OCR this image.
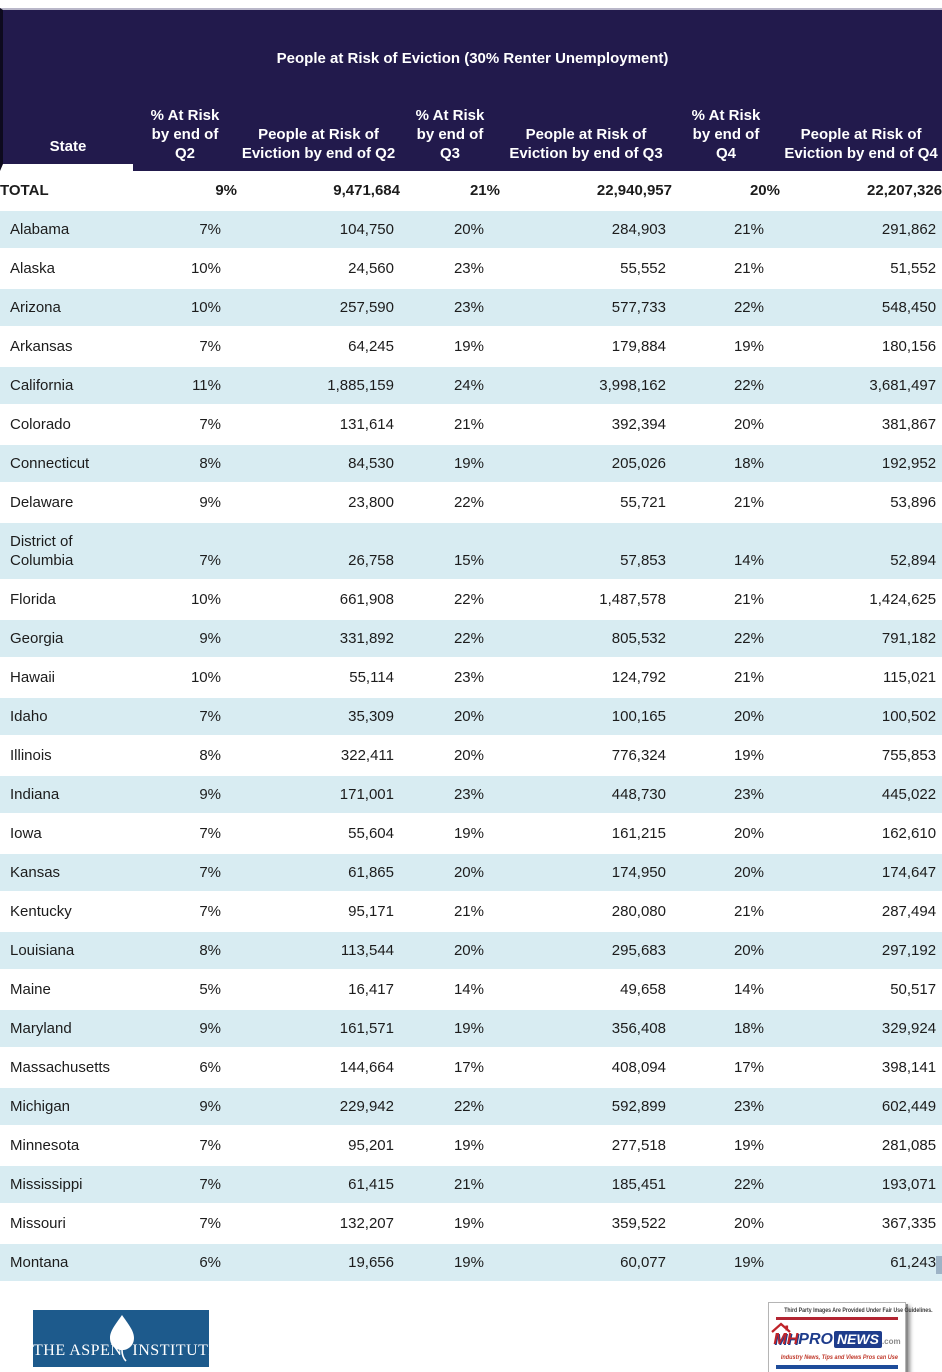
People at Risk of Eviction (30% Renter Unemployment)						
State	% At Risk by end of Q2	People at Risk of Eviction by end of Q2	% At Risk by end of Q3	People at Risk of Eviction by end of Q3	% At Risk by end of Q4	People at Risk of Eviction by end of Q4
TOTAL	9%	9,471,684	21%	22,940,957	20%	22,207,326
Alabama	7%	104,750	20%	284,903	21%	291,862
Alaska	10%	24,560	23%	55,552	21%	51,552
Arizona	10%	257,590	23%	577,733	22%	548,450
Arkansas	7%	64,245	19%	179,884	19%	180,156
California	11%	1,885,159	24%	3,998,162	22%	3,681,497
Colorado	7%	131,614	21%	392,394	20%	381,867
Connecticut	8%	84,530	19%	205,026	18%	192,952
Delaware	9%	23,800	22%	55,721	21%	53,896
District of Columbia	7%	26,758	15%	57,853	14%	52,894
Florida	10%	661,908	22%	1,487,578	21%	1,424,625
Georgia	9%	331,892	22%	805,532	22%	791,182
Hawaii	10%	55,114	23%	124,792	21%	115,021
Idaho	7%	35,309	20%	100,165	20%	100,502
Illinois	8%	322,411	20%	776,324	19%	755,853
Indiana	9%	171,001	23%	448,730	23%	445,022
Iowa	7%	55,604	19%	161,215	20%	162,610
Kansas	7%	61,865	20%	174,950	20%	174,647
Kentucky	7%	95,171	21%	280,080	21%	287,494
Louisiana	8%	113,544	20%	295,683	20%	297,192
Maine	5%	16,417	14%	49,658	14%	50,517
Maryland	9%	161,571	19%	356,408	18%	329,924
Massachusetts	6%	144,664	17%	408,094	17%	398,141
Michigan	9%	229,942	22%	592,899	23%	602,449
Minnesota	7%	95,201	19%	277,518	19%	281,085
Mississippi	7%	61,415	21%	185,451	22%	193,071
Missouri	7%	132,207	19%	359,522	20%	367,335
Montana	6%	19,656	19%	60,077	19%	61,243
THE ASPEN INSTITUTE
Third Party Images Are Provided Under Fair Use Guidelines.
MHPRO NEWS .com
Industry News, Tips and Views Pros can Use
